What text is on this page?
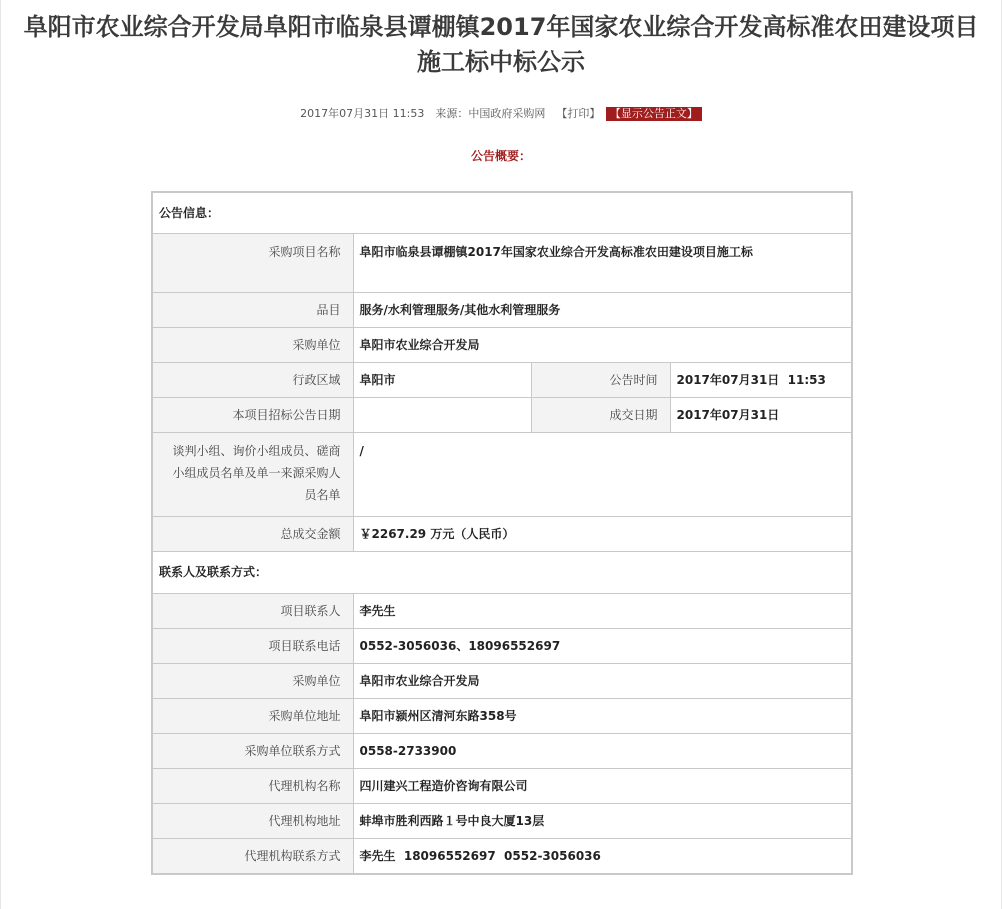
阜阳市农业综合开发局阜阳市临泉县谭棚镇2017年国家农业综合开发高标准农田建设项目施工标中标公示
2017年07月31日 11:53 来源：中国政府采购网 【打印】 【显示公告正文】
公告概要：
公告信息：			
采购项目名称	阜阳市临泉县谭棚镇2017年国家农业综合开发高标准农田建设项目施工标		
品目	服务/水利管理服务/其他水利管理服务		
采购单位	阜阳市农业综合开发局		
行政区域	阜阳市	公告时间	2017年07月31日  11:53
本项目招标公告日期		成交日期	2017年07月31日
谈判小组、询价小组成员、磋商小组成员名单及单一来源采购人员名单	/		
总成交金额	￥2267.29 万元（人民币）		
联系人及联系方式：			
项目联系人	李先生		
项目联系电话	0552-3056036、18096552697		
采购单位	阜阳市农业综合开发局		
采购单位地址	阜阳市颍州区清河东路358号		
采购单位联系方式	0558-2733900		
代理机构名称	四川建兴工程造价咨询有限公司		
代理机构地址	蚌埠市胜利西路１号中良大厦13层		
代理机构联系方式	李先生  18096552697  0552-3056036		
